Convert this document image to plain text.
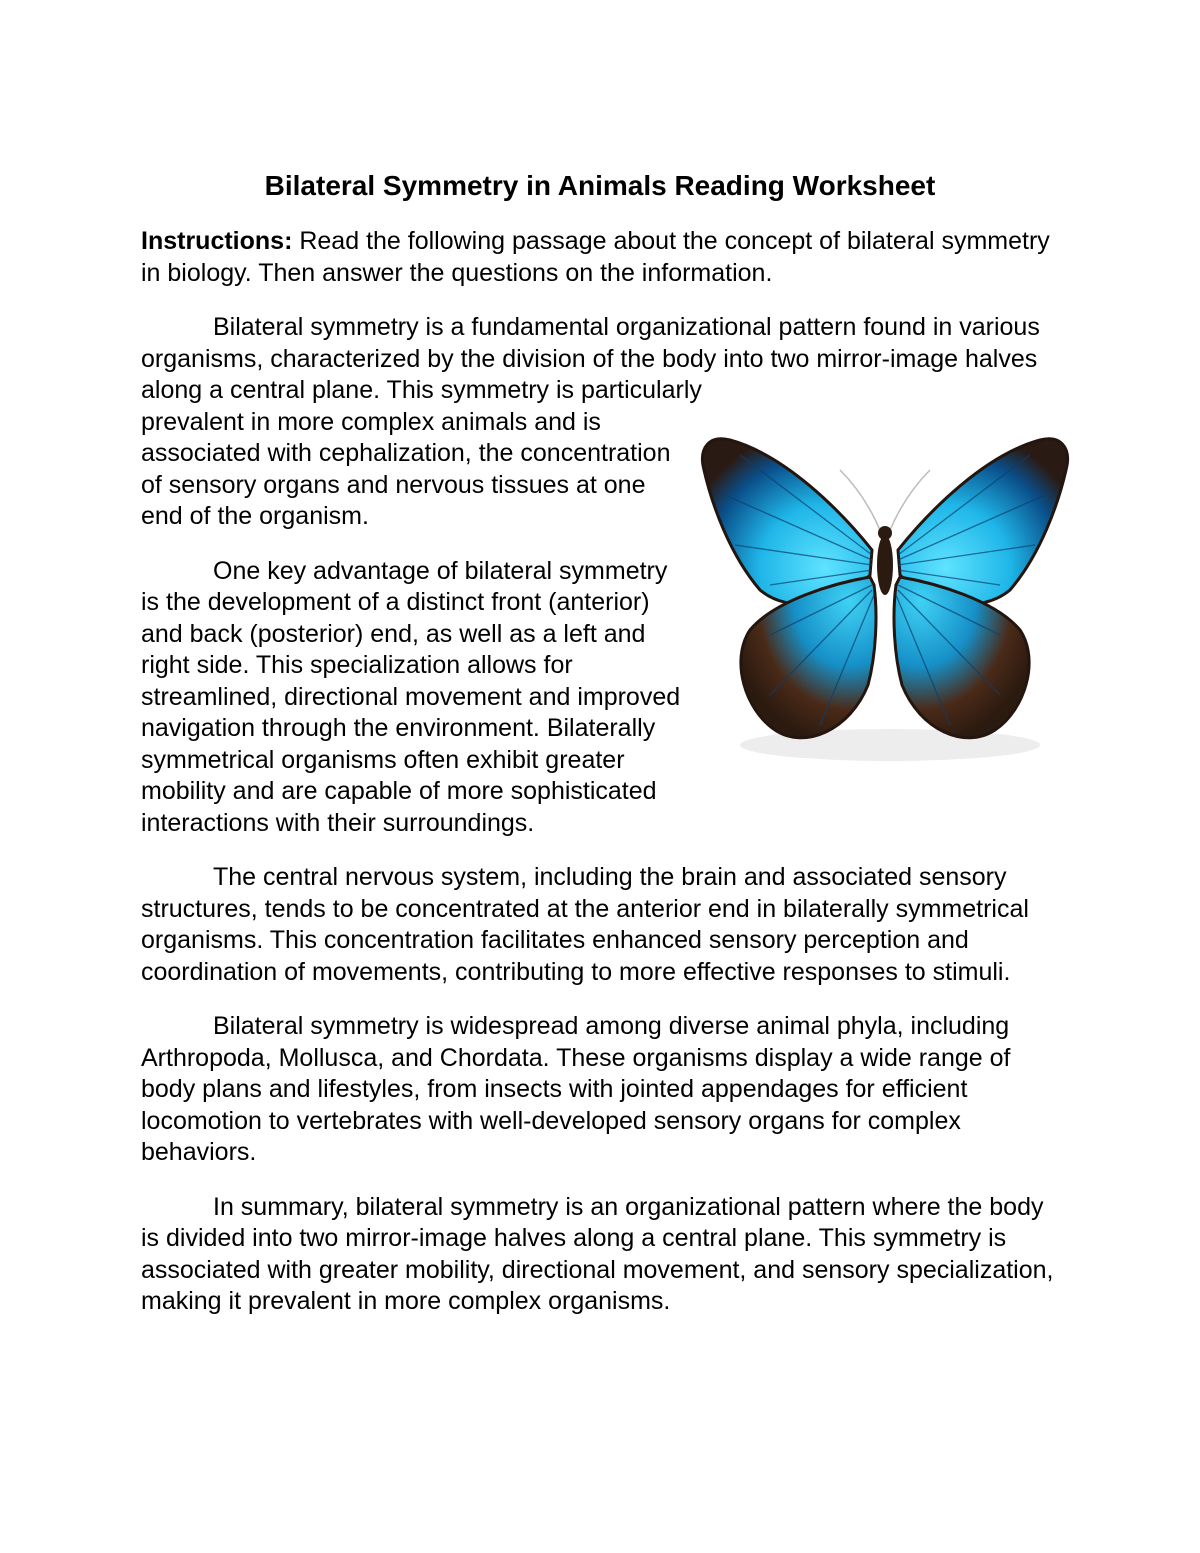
Bilateral Symmetry in Animals Reading Worksheet

Instructions: Read the following passage about the concept of bilateral symmetry in biology. Then answer the questions on the information.

Bilateral symmetry is a fundamental organizational pattern found in various organisms, characterized by the division of the body into two mirror-image halves along a central plane. This symmetry is particularly

prevalent in more complex animals and is associated with cephalization, the concentration of sensory organs and nervous tissues at one end of the organism.

One key advantage of bilateral symmetry is the development of a distinct front (anterior) and back (posterior) end, as well as a left and right side. This specialization allows for streamlined, directional movement and improved navigation through the environment. Bilaterally symmetrical organisms often exhibit greater mobility and are capable of more sophisticated interactions with their surroundings.

The central nervous system, including the brain and associated sensory structures, tends to be concentrated at the anterior end in bilaterally symmetrical organisms. This concentration facilitates enhanced sensory perception and coordination of movements, contributing to more effective responses to stimuli.

Bilateral symmetry is widespread among diverse animal phyla, including Arthropoda, Mollusca, and Chordata. These organisms display a wide range of body plans and lifestyles, from insects with jointed appendages for efficient locomotion to vertebrates with well-developed sensory organs for complex behaviors.

In summary, bilateral symmetry is an organizational pattern where the body is divided into two mirror-image halves along a central plane. This symmetry is associated with greater mobility, directional movement, and sensory specialization, making it prevalent in more complex organisms.
